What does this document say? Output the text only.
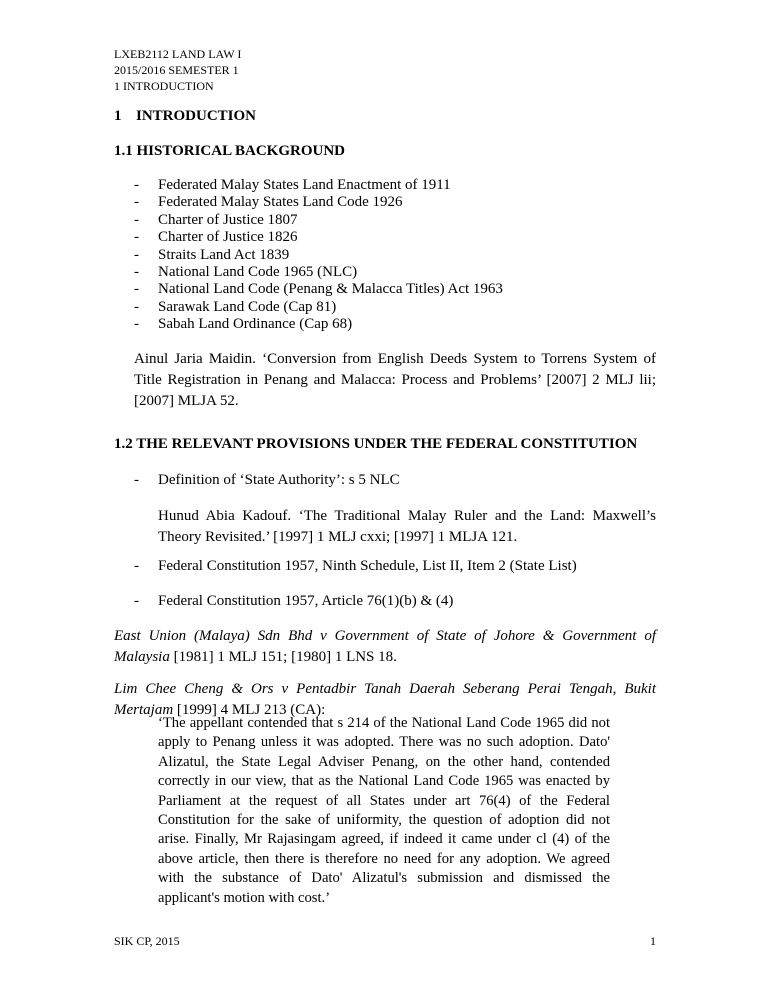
LXEB2112 LAND LAW I
2015/2016 SEMESTER 1
1 INTRODUCTION
1 INTRODUCTION
1.1 HISTORICAL BACKGROUND
- Federated Malay States Land Enactment of 1911
- Federated Malay States Land Code 1926
- Charter of Justice 1807
- Charter of Justice 1826
- Straits Land Act 1839
- National Land Code 1965 (NLC)
- National Land Code (Penang & Malacca Titles) Act 1963
- Sarawak Land Code (Cap 81)
- Sabah Land Ordinance (Cap 68)
Ainul Jaria Maidin. ‘Conversion from English Deeds System to Torrens System of Title Registration in Penang and Malacca: Process and Problems’ [2007] 2 MLJ lii; [2007] MLJA 52.
1.2 THE RELEVANT PROVISIONS UNDER THE FEDERAL CONSTITUTION
- Definition of ‘State Authority’: s 5 NLC
Hunud Abia Kadouf. ‘The Traditional Malay Ruler and the Land: Maxwell’s Theory Revisited.’ [1997] 1 MLJ cxxi; [1997] 1 MLJA 121.
- Federal Constitution 1957, Ninth Schedule, List II, Item 2 (State List)
- Federal Constitution 1957, Article 76(1)(b) & (4)
East Union (Malaya) Sdn Bhd v Government of State of Johore & Government of Malaysia [1981] 1 MLJ 151; [1980] 1 LNS 18.
Lim Chee Cheng & Ors v Pentadbir Tanah Daerah Seberang Perai Tengah, Bukit Mertajam [1999] 4 MLJ 213 (CA):
‘The appellant contended that s 214 of the National Land Code 1965 did not apply to Penang unless it was adopted. There was no such adoption. Dato' Alizatul, the State Legal Adviser Penang, on the other hand, contended correctly in our view, that as the National Land Code 1965 was enacted by Parliament at the request of all States under art 76(4) of the Federal Constitution for the sake of uniformity, the question of adoption did not arise. Finally, Mr Rajasingam agreed, if indeed it came under cl (4) of the above article, then there is therefore no need for any adoption. We agreed with the substance of Dato' Alizatul's submission and dismissed the applicant's motion with cost.’
SIK CP, 2015	1
